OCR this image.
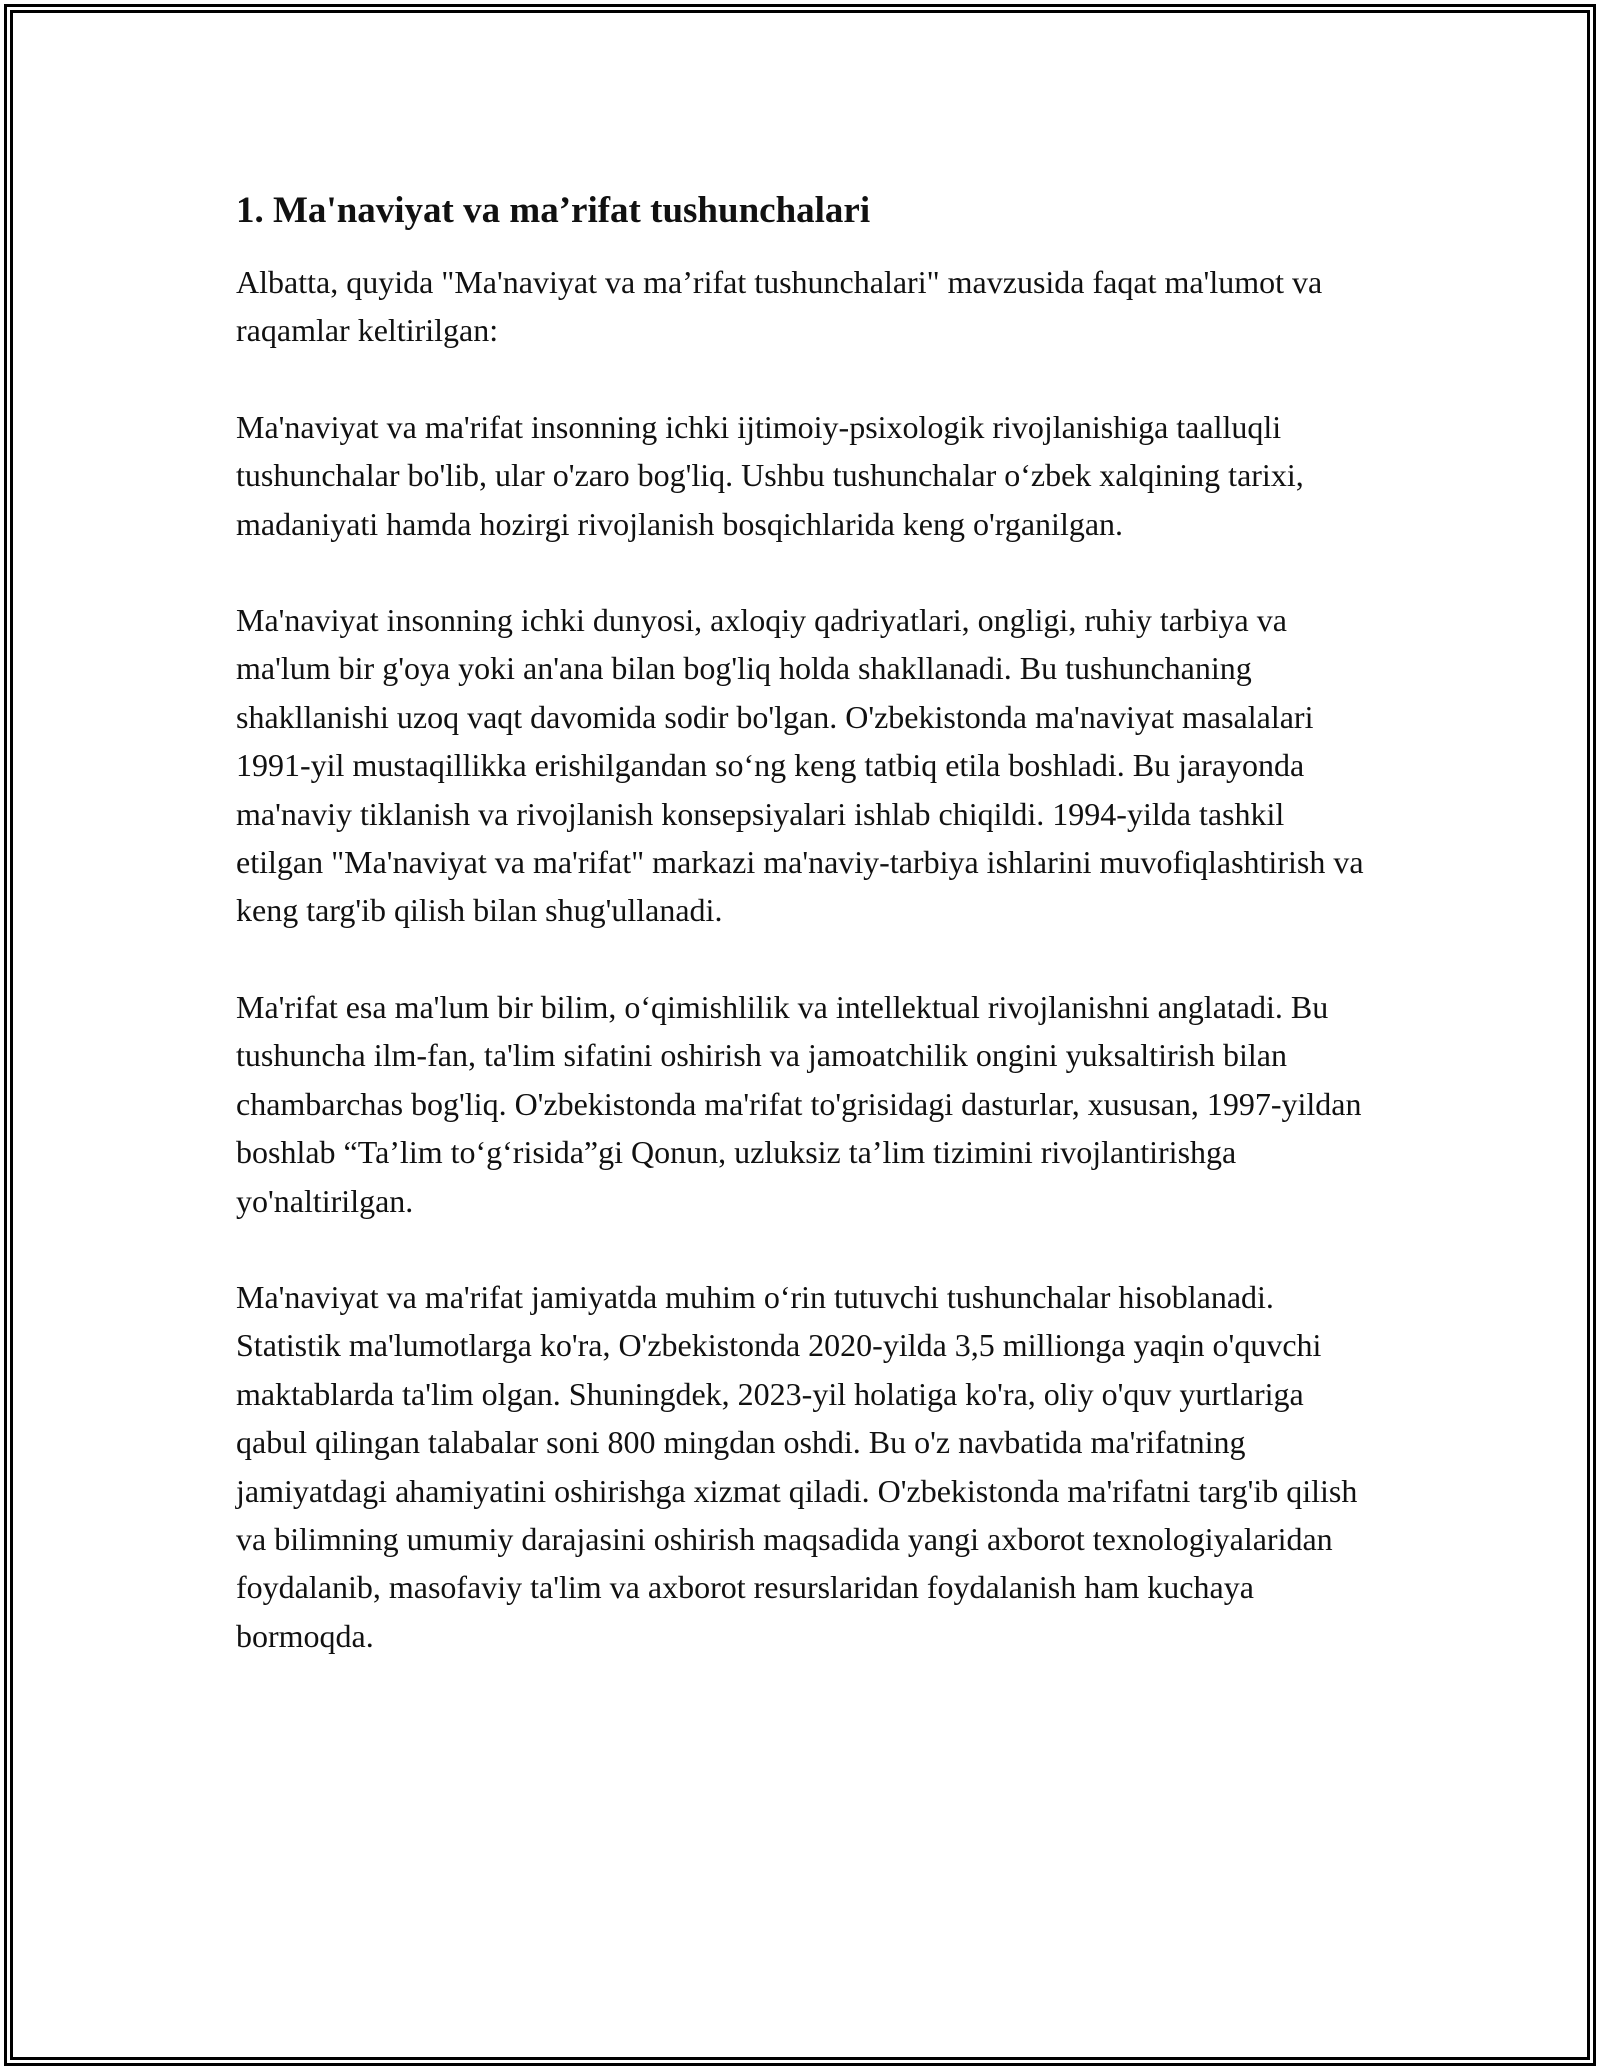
1. Ma'naviyat va ma’rifat tushunchalari

Albatta, quyida "Ma'naviyat va ma’rifat tushunchalari" mavzusida faqat ma'lumot va raqamlar keltirilgan:

Ma'naviyat va ma'rifat insonning ichki ijtimoiy-psixologik rivojlanishiga taalluqli tushunchalar bo'lib, ular o'zaro bog'liq. Ushbu tushunchalar o‘zbek xalqining tarixi, madaniyati hamda hozirgi rivojlanish bosqichlarida keng o'rganilgan.

Ma'naviyat insonning ichki dunyosi, axloqiy qadriyatlari, ongligi, ruhiy tarbiya va ma'lum bir g'oya yoki an'ana bilan bog'liq holda shakllanadi. Bu tushunchaning shakllanishi uzoq vaqt davomida sodir bo'lgan. O'zbekistonda ma'naviyat masalalari 1991-yil mustaqillikka erishilgandan so‘ng keng tatbiq etila boshladi. Bu jarayonda ma'naviy tiklanish va rivojlanish konsepsiyalari ishlab chiqildi. 1994-yilda tashkil etilgan "Ma'naviyat va ma'rifat" markazi ma'naviy-tarbiya ishlarini muvofiqlashtirish va keng targ'ib qilish bilan shug'ullanadi.

Ma'rifat esa ma'lum bir bilim, o‘qimishlilik va intellektual rivojlanishni anglatadi. Bu tushuncha ilm-fan, ta'lim sifatini oshirish va jamoatchilik ongini yuksaltirish bilan chambarchas bog'liq. O'zbekistonda ma'rifat to'grisidagi dasturlar, xususan, 1997-yildan boshlab “Ta’lim to‘g‘risida”gi Qonun, uzluksiz ta’lim tizimini rivojlantirishga yo'naltirilgan.

Ma'naviyat va ma'rifat jamiyatda muhim o‘rin tutuvchi tushunchalar hisoblanadi. Statistik ma'lumotlarga ko'ra, O'zbekistonda 2020-yilda 3,5 millionga yaqin o'quvchi maktablarda ta'lim olgan. Shuningdek, 2023-yil holatiga ko'ra, oliy o'quv yurtlariga qabul qilingan talabalar soni 800 mingdan oshdi. Bu o'z navbatida ma'rifatning jamiyatdagi ahamiyatini oshirishga xizmat qiladi. O'zbekistonda ma'rifatni targ'ib qilish va bilimning umumiy darajasini oshirish maqsadida yangi axborot texnologiyalaridan foydalanib, masofaviy ta'lim va axborot resurslaridan foydalanish ham kuchaya bormoqda.
